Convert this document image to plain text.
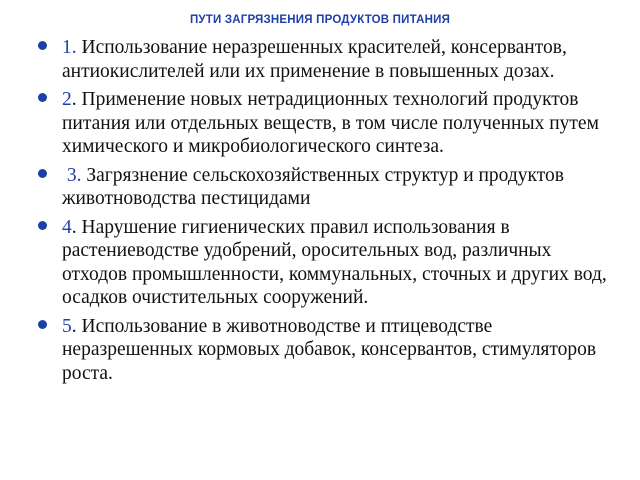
ПУТИ ЗАГРЯЗНЕНИЯ ПРОДУКТОВ ПИТАНИЯ
1. Использование неразрешенных красителей, консервантов, антиокислителей или их применение в повышенных дозах.
2. Применение новых нетрадиционных технологий продуктов питания или отдельных веществ, в том числе полученных путем химического и микробиологического синтеза.
3. Загрязнение сельскохозяйственных структур и продуктов животноводства пестицидами
4. Нарушение гигиенических правил использования в растениеводстве удобрений, оросительных вод, различных отходов промышленности, коммунальных, сточных и других вод, осадков очистительных сооружений.
5. Использование в животноводстве и птицеводстве неразрешенных кормовых добавок, консервантов, стимуляторов роста.
